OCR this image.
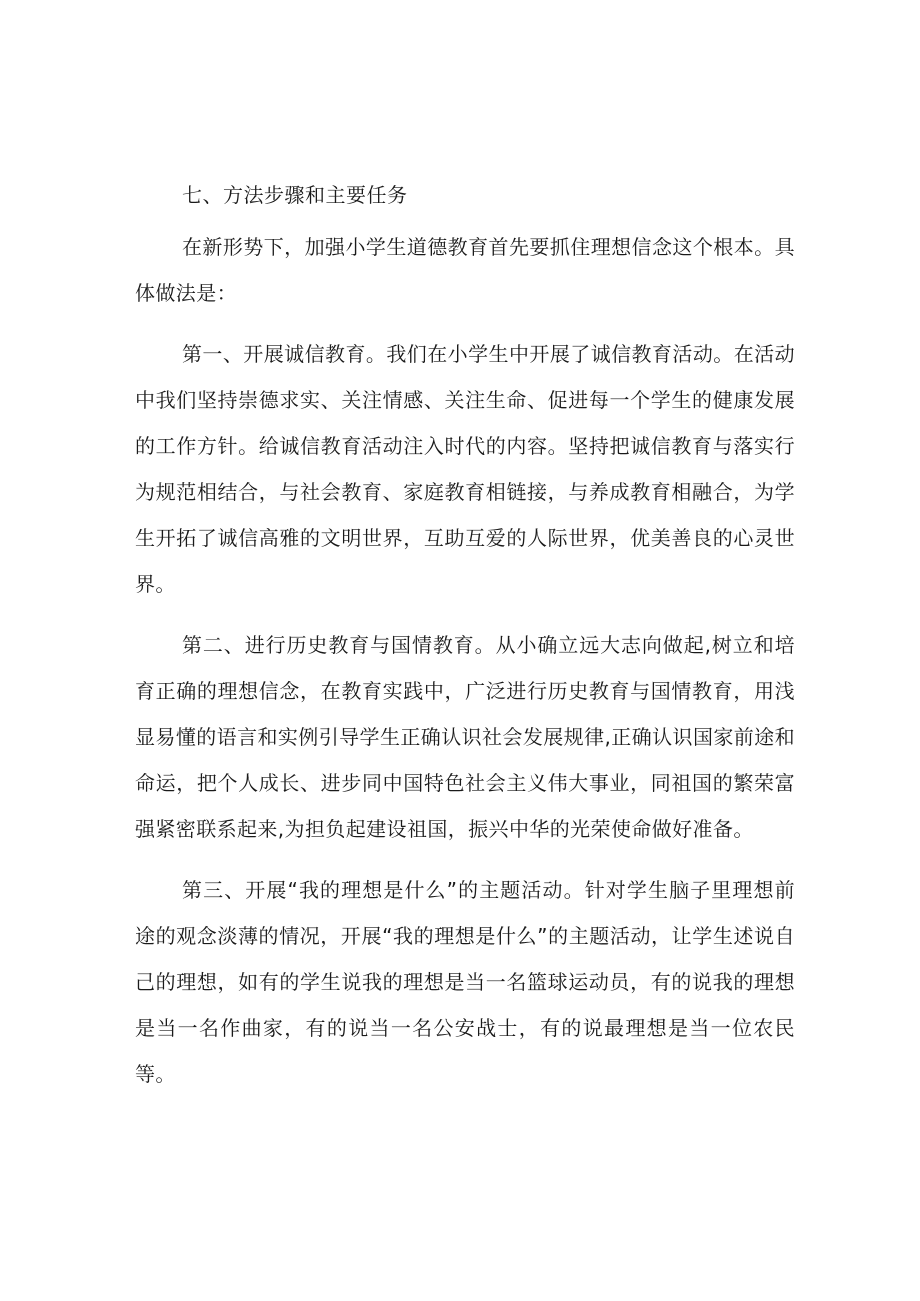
七、方法步骤和主要任务

在新形势下，加强小学生道德教育首先要抓住理想信念这个根本。具体做法是：

第一、开展诚信教育。我们在小学生中开展了诚信教育活动。在活动中我们坚持崇德求实、关注情感、关注生命、促进每一个学生的健康发展的工作方针。给诚信教育活动注入时代的内容。坚持把诚信教育与落实行为规范相结合，与社会教育、家庭教育相链接，与养成教育相融合，为学生开拓了诚信高雅的文明世界，互助互爱的人际世界，优美善良的心灵世界。

第二、进行历史教育与国情教育。从小确立远大志向做起,树立和培育正确的理想信念，在教育实践中，广泛进行历史教育与国情教育，用浅显易懂的语言和实例引导学生正确认识社会发展规律,正确认识国家前途和命运，把个人成长、进步同中国特色社会主义伟大事业，同祖国的繁荣富强紧密联系起来,为担负起建设祖国，振兴中华的光荣使命做好准备。

第三、开展“我的理想是什么”的主题活动。针对学生脑子里理想前途的观念淡薄的情况，开展“我的理想是什么”的主题活动，让学生述说自己的理想，如有的学生说我的理想是当一名篮球运动员，有的说我的理想是当一名作曲家，有的说当一名公安战士，有的说最理想是当一位农民等。
